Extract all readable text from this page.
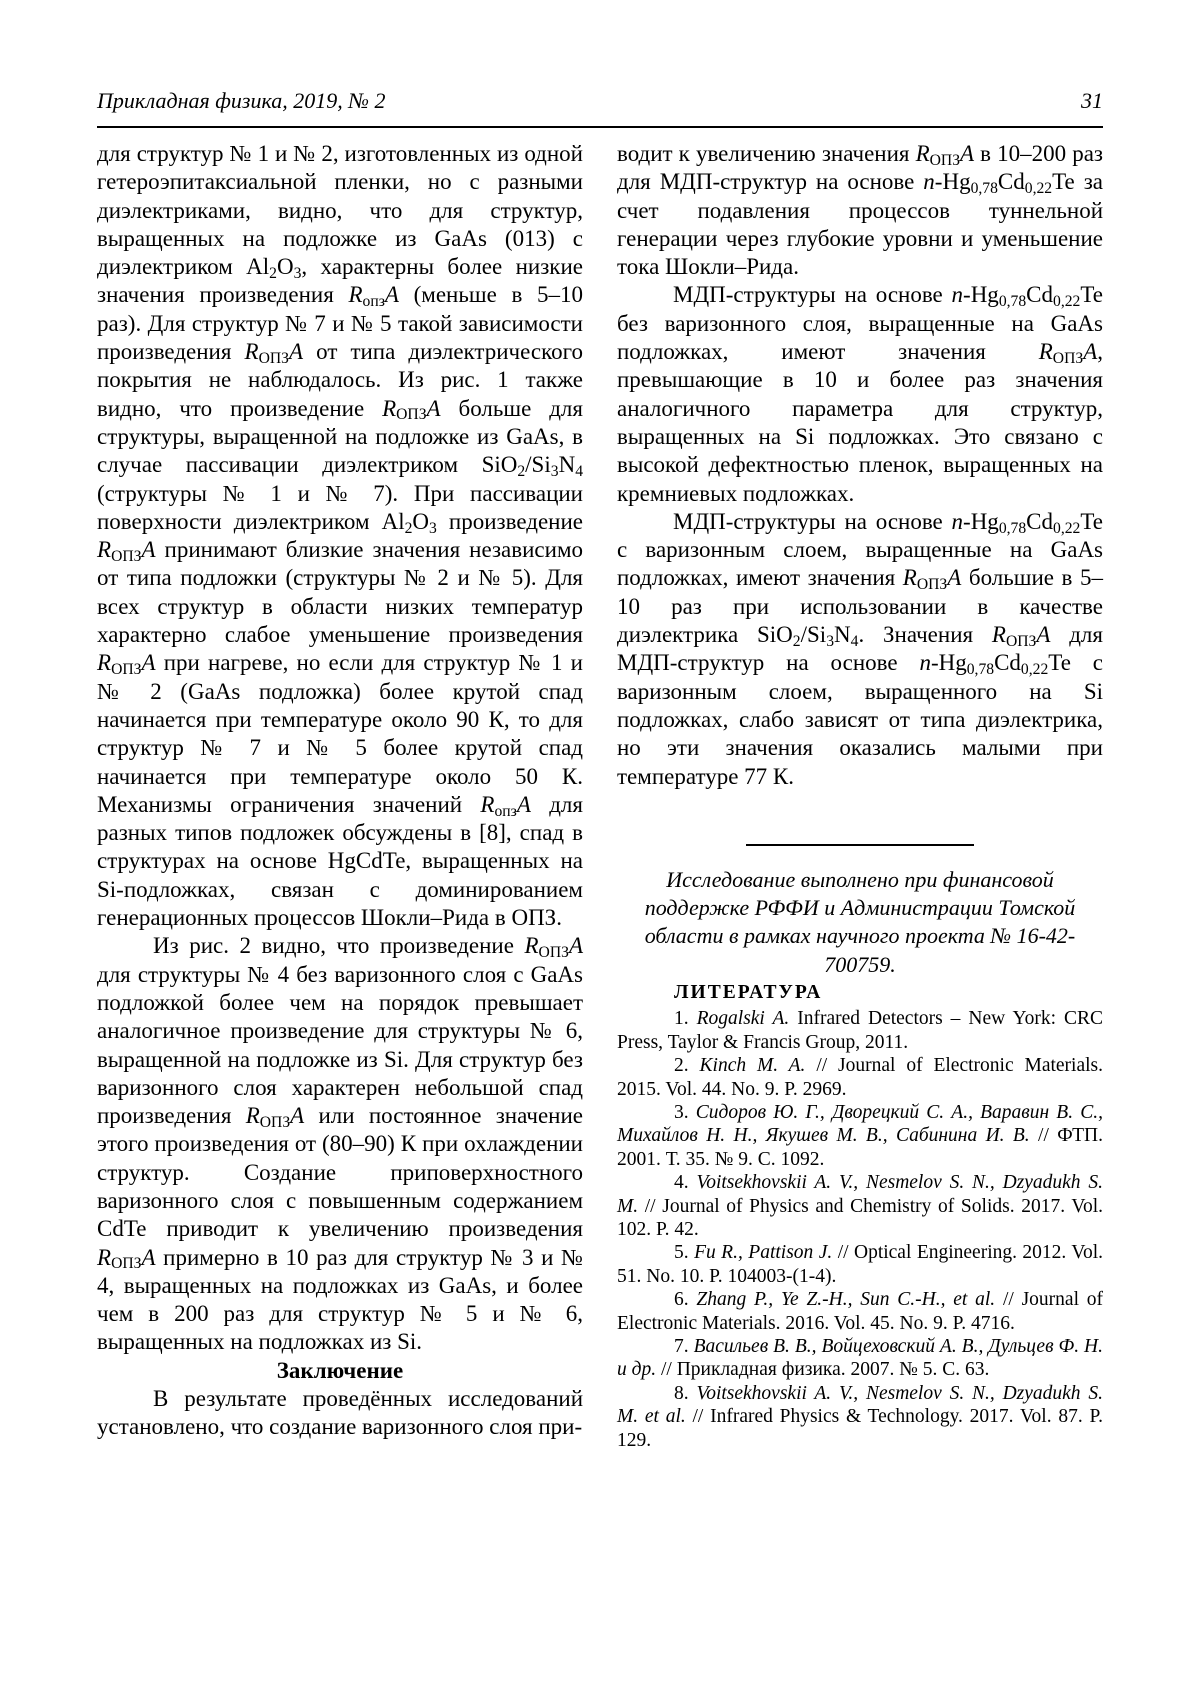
Прикладная физика, 2019, № 2	31

для структур № 1 и № 2, изготовленных из одной гетероэпитаксиальной пленки, но с разными диэлектриками, видно, что для структур, выращенных на подложке из GaAs (013) с диэлектриком $Al_2O_3$, характерны более низкие значения произведения $R_{опз}A$ (меньше в 5–10 раз). Для структур № 7 и № 5 такой зависимости произведения $R_{ОПЗ}A$ от типа диэлектрического покрытия не наблюдалось. Из рис. 1 также видно, что произведение $R_{ОПЗ}A$ больше для структуры, выращенной на подложке из GaAs, в случае пассивации диэлектриком $SiO_2/Si_3N_4$ (структуры № 1 и № 7). При пассивации поверхности диэлектриком $Al_2O_3$ произведение $R_{ОПЗ}A$ принимают близкие значения независимо от типа подложки (структуры № 2 и № 5). Для всех структур в области низких температур характерно слабое уменьшение произведения $R_{ОПЗ}A$ при нагреве, но если для структур № 1 и № 2 (GaAs подложка) более крутой спад начинается при температуре около 90 К, то для структур № 7 и № 5 более крутой спад начинается при температуре около 50 К. Механизмы ограничения значений $R_{опз}A$ для разных типов подложек обсуждены в [8], спад в структурах на основе HgCdTe, выращенных на Si-подложках, связан с доминированием генерационных процессов Шокли–Рида в ОПЗ.

Из рис. 2 видно, что произведение $R_{ОПЗ}A$ для структуры № 4 без варизонного слоя с GaAs подложкой более чем на порядок превышает аналогичное произведение для структуры № 6, выращенной на подложке из Si. Для структур без варизонного слоя характерен небольшой спад произведения $R_{ОПЗ}A$ или постоянное значение этого произведения от (80–90) К при охлаждении структур. Создание приповерхностного варизонного слоя с повышенным содержанием CdTe приводит к увеличению произведения $R_{ОПЗ}A$ примерно в 10 раз для структур № 3 и № 4, выращенных на подложках из GaAs, и более чем в 200 раз для структур № 5 и № 6, выращенных на подложках из Si.

Заключение

В результате проведённых исследований установлено, что создание варизонного слоя при-

водит к увеличению значения $R_{ОПЗ}A$ в 10–200 раз для МДП-структур на основе $n-Hg_{0,78}Cd_{0,22}Te$ за счет подавления процессов туннельной генерации через глубокие уровни и уменьшение тока Шокли–Рида.

МДП-структуры на основе $n-Hg_{0,78}Cd_{0,22}Te$ без варизонного слоя, выращенные на GaAs подложках, имеют значения $R_{ОПЗ}A$, превышающие в 10 и более раз значения аналогичного параметра для структур, выращенных на Si подложках. Это связано с высокой дефектностью пленок, выращенных на кремниевых подложках.

МДП-структуры на основе $n-Hg_{0,78}Cd_{0,22}Te$ с варизонным слоем, выращенные на GaAs подложках, имеют значения $R_{ОПЗ}A$ большие в 5–10 раз при использовании в качестве диэлектрика $SiO_2/Si_3N_4$. Значения $R_{ОПЗ}A$ для МДП-структур на основе $n-Hg_{0,78}Cd_{0,22}Te$ с варизонным слоем, выращенного на Si подложках, слабо зависят от типа диэлектрика, но эти значения оказались малыми при температуре 77 К.

Исследование выполнено при финансовой поддержке РФФИ и Администрации Томской области в рамках научного проекта № 16-42-700759.

ЛИТЕРАТУРА

1. Rogalski A. Infrared Detectors – New York: CRC Press, Taylor & Francis Group, 2011.

2. Kinch M. A. // Journal of Electronic Materials. 2015. Vol. 44. No. 9. P. 2969.

3. Сидоров Ю. Г., Дворецкий С. А., Варавин В. С., Михайлов Н. Н., Якушев М. В., Сабинина И. В. // ФТП. 2001. Т. 35. № 9. С. 1092.

4. Voitsekhovskii A. V., Nesmelov S. N., Dzyadukh S. M. // Journal of Physics and Chemistry of Solids. 2017. Vol. 102. P. 42.

5. Fu R., Pattison J. // Optical Engineering. 2012. Vol. 51. No. 10. P. 104003-(1-4).

6. Zhang P., Ye Z.-H., Sun C.-H., et al. // Journal of Electronic Materials. 2016. Vol. 45. No. 9. P. 4716.

7. Васильев В. В., Войцеховский А. В., Дульцев Ф. Н. и др. // Прикладная физика. 2007. № 5. С. 63.

8. Voitsekhovskii A. V., Nesmelov S. N., Dzyadukh S. M. et al. // Infrared Physics & Technology. 2017. Vol. 87. P. 129.
